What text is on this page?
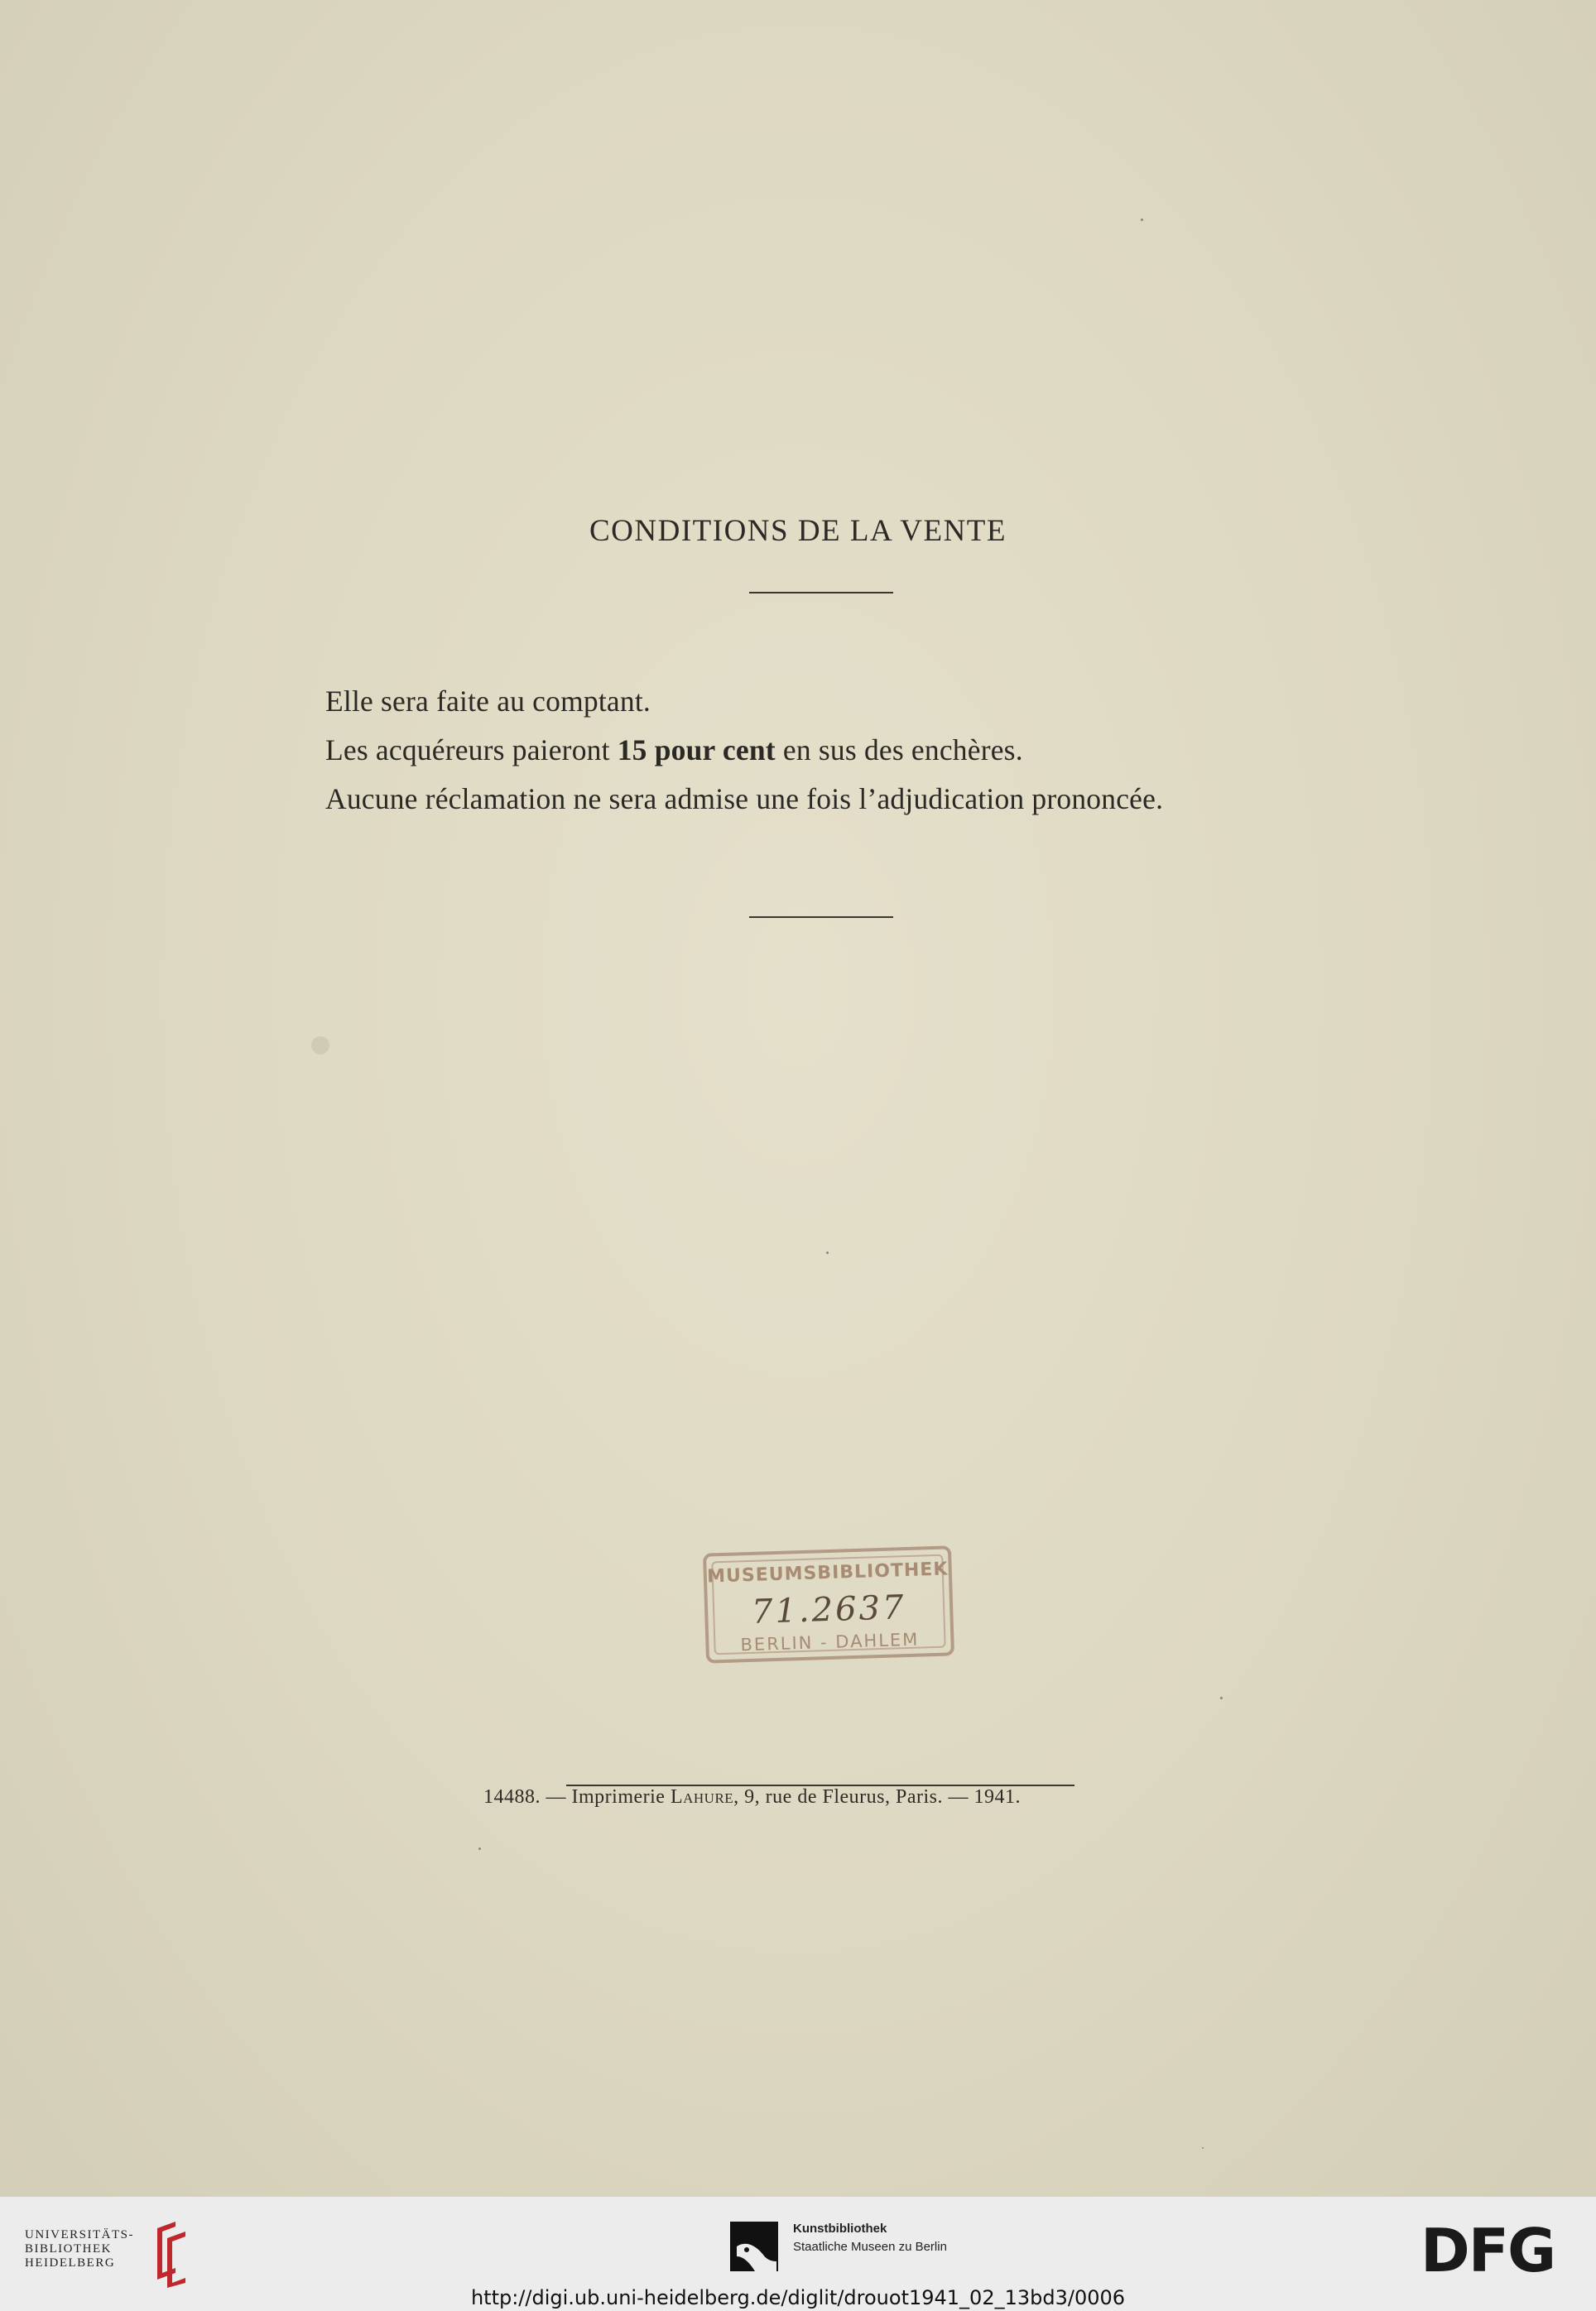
CONDITIONS DE LA VENTE
Elle sera faite au comptant.
Les acquéreurs paieront 15 pour cent en sus des enchères.
Aucune réclamation ne sera admise une fois l’adjudication prononcée.
MUSEUMSBIBLIOTHEK
71.2637
BERLIN - DAHLEM
14488. — Imprimerie Lahure, 9, rue de Fleurus, Paris. — 1941.
UNIVERSITÄTS-
BIBLIOTHEK
HEIDELBERG
Kunstbibliothek
Staatliche Museen zu Berlin	DFG
http://digi.ub.uni-heidelberg.de/diglit/drouot1941_02_13bd3/0006
